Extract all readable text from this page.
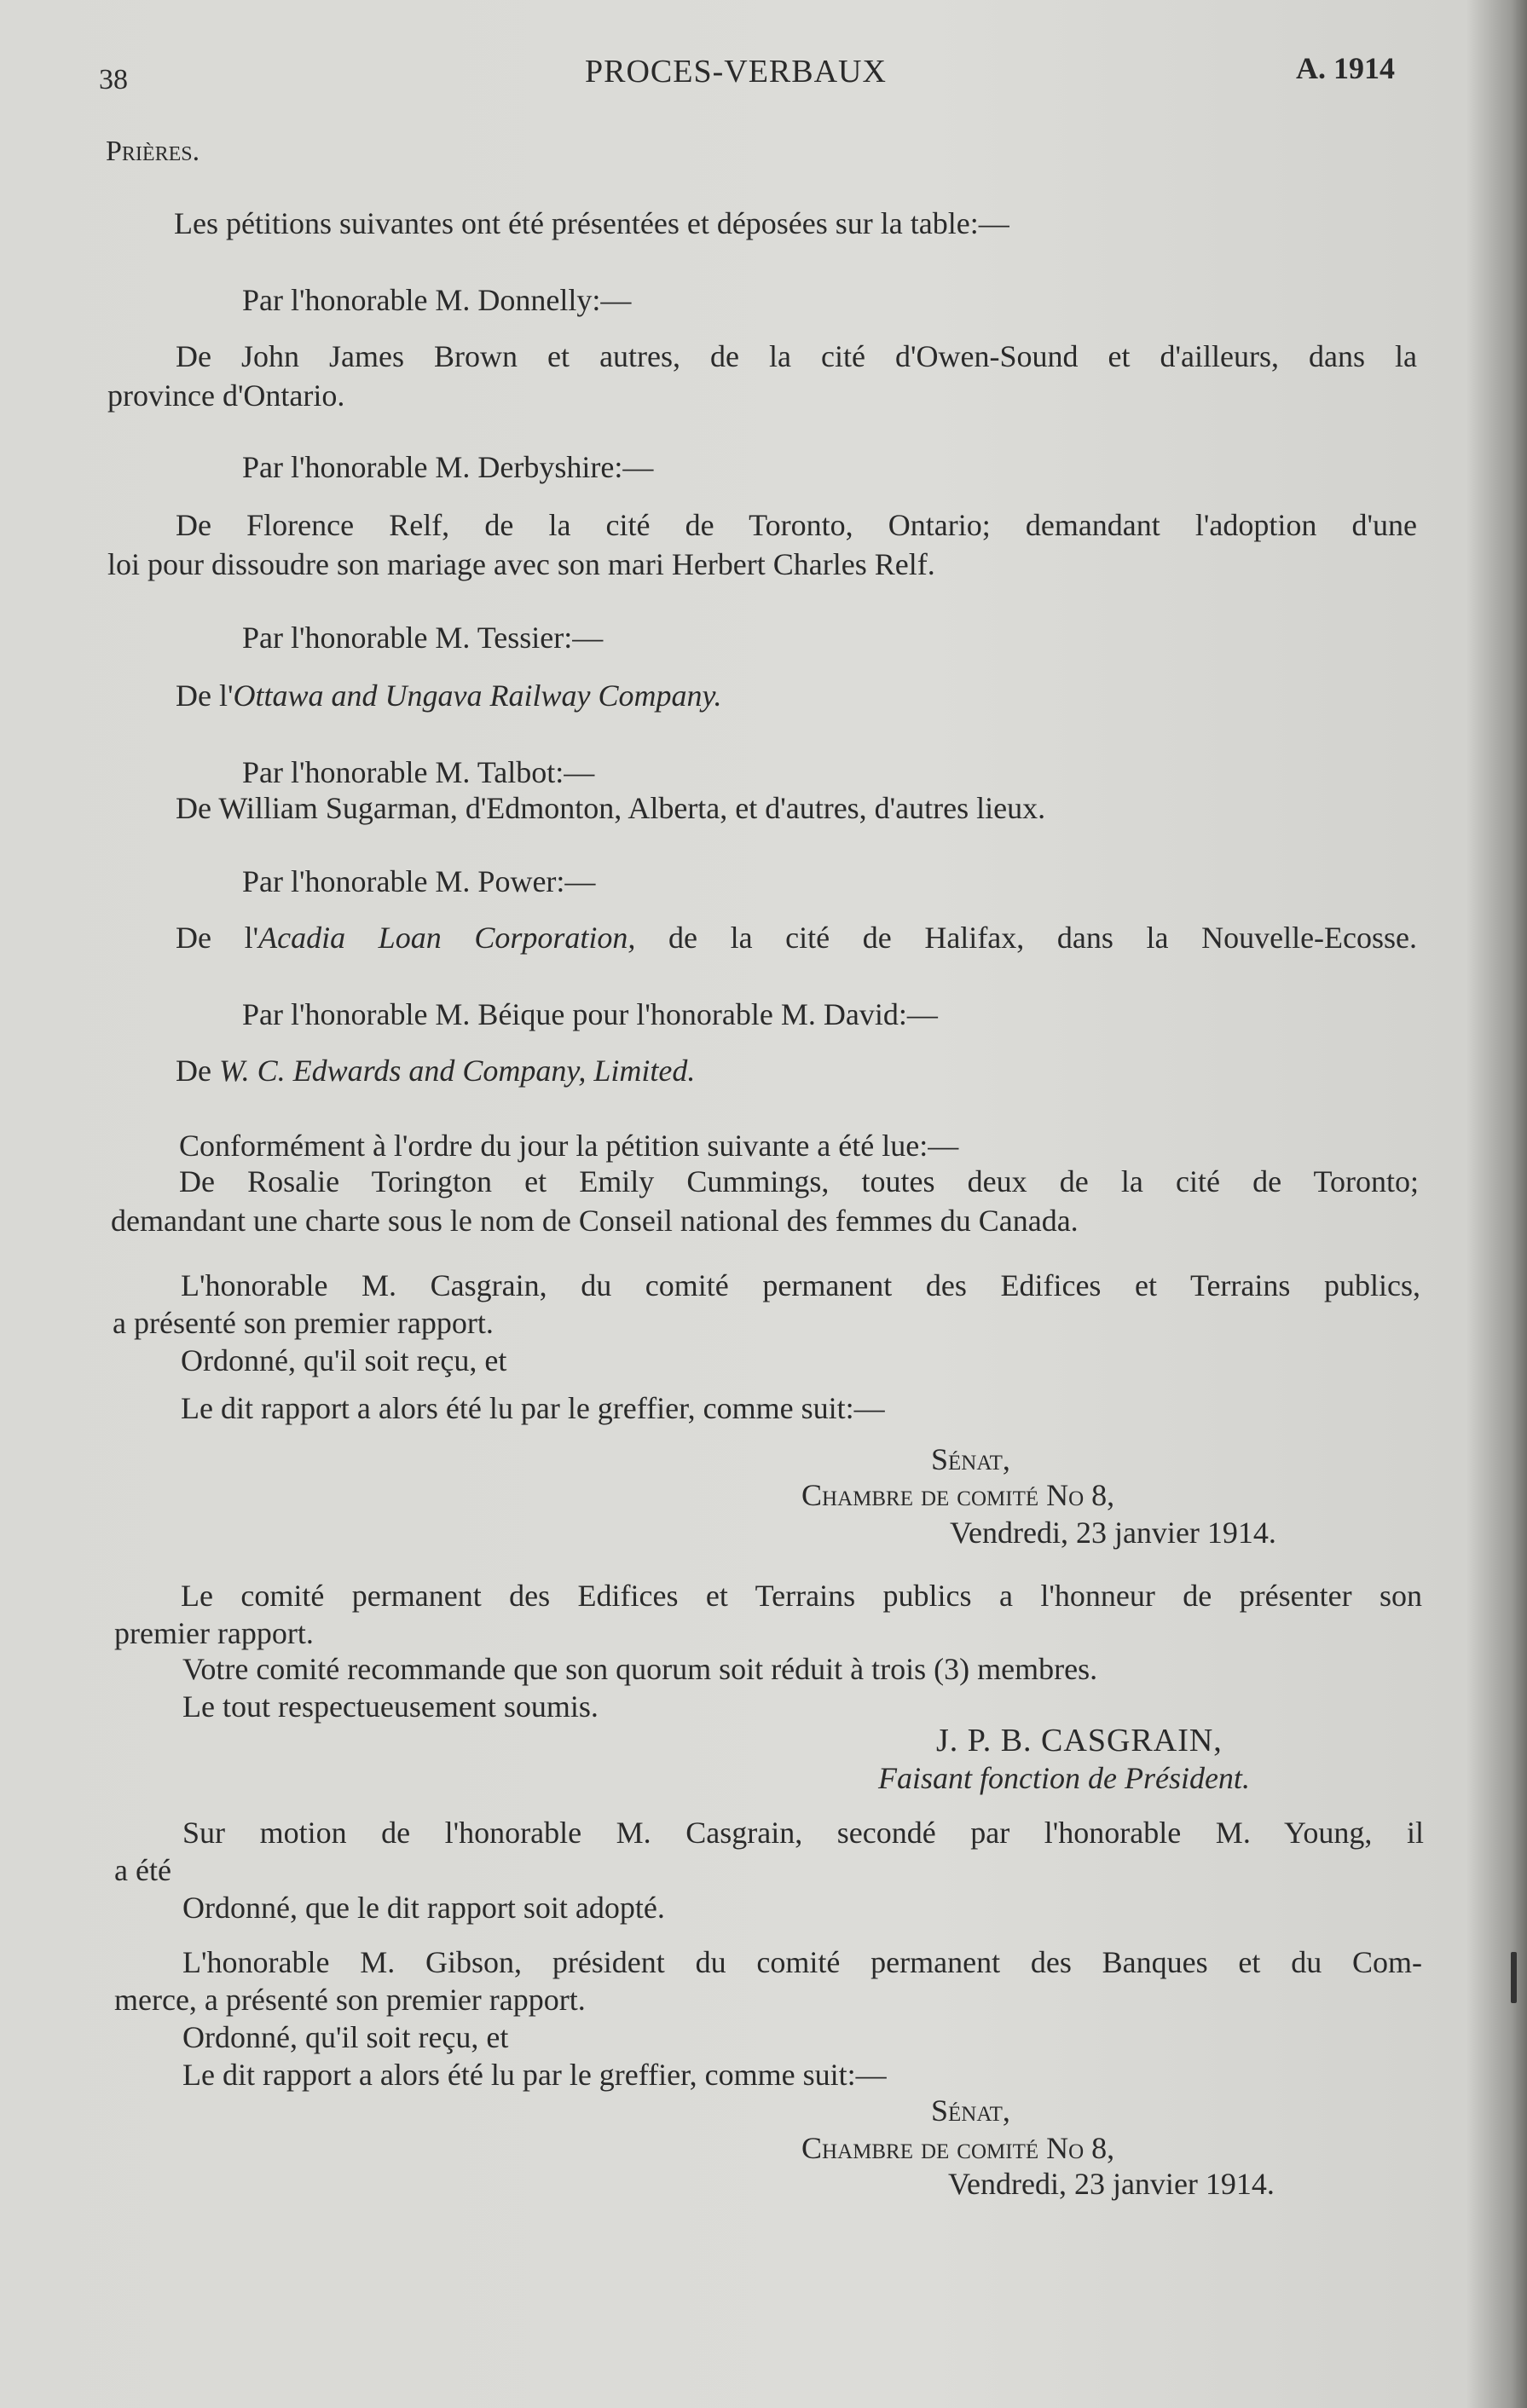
38	PROCES-VERBAUX	A. 1914
Prières.
Les pétitions suivantes ont été présentées et déposées sur la table:—
Par l'honorable M. Donnelly:—
De John James Brown et autres, de la cité d'Owen-Sound et d'ailleurs, dans la
province d'Ontario.
Par l'honorable M. Derbyshire:—
De Florence Relf, de la cité de Toronto, Ontario; demandant l'adoption d'une
loi pour dissoudre son mariage avec son mari Herbert Charles Relf.
Par l'honorable M. Tessier:—
De l'Ottawa and Ungava Railway Company.
Par l'honorable M. Talbot:—
De William Sugarman, d'Edmonton, Alberta, et d'autres, d'autres lieux.
Par l'honorable M. Power:—
De l'Acadia Loan Corporation, de la cité de Halifax, dans la Nouvelle-Ecosse.
Par l'honorable M. Béique pour l'honorable M. David:—
De W. C. Edwards and Company, Limited.
Conformément à l'ordre du jour la pétition suivante a été lue:—
De Rosalie Torington et Emily Cummings, toutes deux de la cité de Toronto;
demandant une charte sous le nom de Conseil national des femmes du Canada.
L'honorable M. Casgrain, du comité permanent des Edifices et Terrains publics,
a présenté son premier rapport.
Ordonné, qu'il soit reçu, et
Le dit rapport a alors été lu par le greffier, comme suit:—
Sénat,
Chambre de comité No 8,
Vendredi, 23 janvier 1914.
Le comité permanent des Edifices et Terrains publics a l'honneur de présenter son
premier rapport.
Votre comité recommande que son quorum soit réduit à trois (3) membres.
Le tout respectueusement soumis.
J. P. B. CASGRAIN,
Faisant fonction de Président.
Sur motion de l'honorable M. Casgrain, secondé par l'honorable M. Young, il
a été
Ordonné, que le dit rapport soit adopté.
L'honorable M. Gibson, président du comité permanent des Banques et du Com-
merce, a présenté son premier rapport.
Ordonné, qu'il soit reçu, et
Le dit rapport a alors été lu par le greffier, comme suit:—
Sénat,
Chambre de comité No 8,
Vendredi, 23 janvier 1914.
